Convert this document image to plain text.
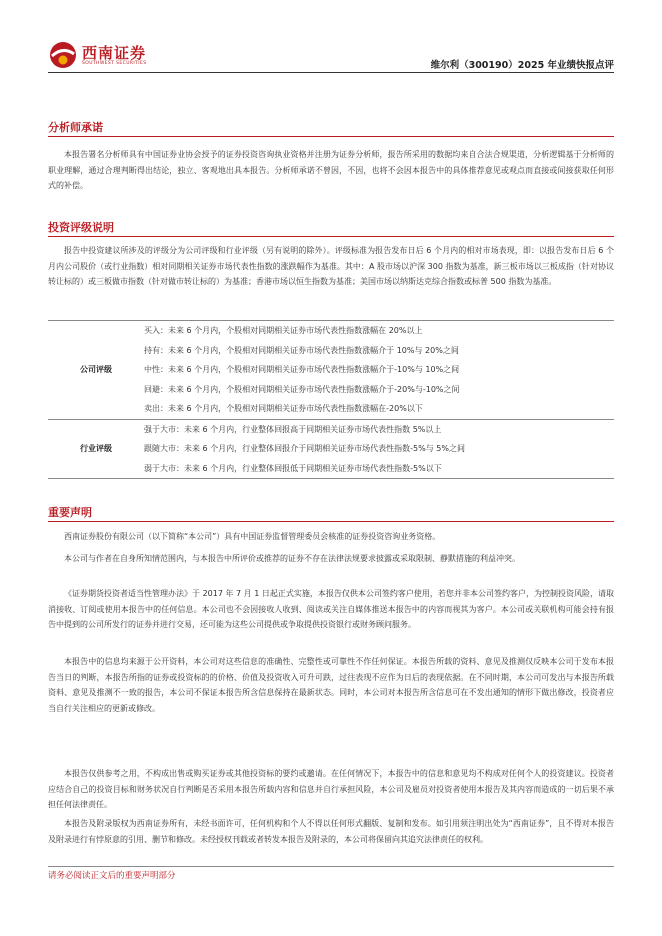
西南证券
SOUTHWEST SECURITIES	维尔利（300190）2025 年业绩快报点评
分析师承诺
本报告署名分析师具有中国证券业协会授予的证券投资咨询执业资格并注册为证券分析师，报告所采用的数据均来自合法合规渠道，分析逻辑基于分析师的职业理解，通过合理判断得出结论，独立、客观地出具本报告。分析师承诺不曾因，不因，也将不会因本报告中的具体推荐意见或观点而直接或间接获取任何形式的补偿。
投资评级说明
报告中投资建议所涉及的评级分为公司评级和行业评级（另有说明的除外）。评级标准为报告发布日后 6 个月内的相对市场表现，即：以报告发布日后 6 个月内公司股价（或行业指数）相对同期相关证券市场代表性指数的涨跌幅作为基准。其中：A 股市场以沪深 300 指数为基准，新三板市场以三板成指（针对协议转让标的）或三板做市指数（针对做市转让标的）为基准；香港市场以恒生指数为基准；美国市场以纳斯达克综合指数或标普 500 指数为基准。
公司评级
买入：未来 6 个月内，个股相对同期相关证券市场代表性指数涨幅在 20%以上
持有：未来 6 个月内，个股相对同期相关证券市场代表性指数涨幅介于 10%与 20%之间
中性：未来 6 个月内，个股相对同期相关证券市场代表性指数涨幅介于-10%与 10%之间
回避：未来 6 个月内，个股相对同期相关证券市场代表性指数涨幅介于-20%与-10%之间
卖出：未来 6 个月内，个股相对同期相关证券市场代表性指数涨幅在-20%以下
行业评级
强于大市：未来 6 个月内，行业整体回报高于同期相关证券市场代表性指数 5%以上
跟随大市：未来 6 个月内，行业整体回报介于同期相关证券市场代表性指数-5%与 5%之间
弱于大市：未来 6 个月内，行业整体回报低于同期相关证券市场代表性指数-5%以下
重要声明
西南证券股份有限公司（以下简称“本公司”）具有中国证券监督管理委员会核准的证券投资咨询业务资格。
本公司与作者在自身所知情范围内，与本报告中所评价或推荐的证券不存在法律法规要求披露或采取限制、静默措施的利益冲突。
《证券期货投资者适当性管理办法》于 2017 年 7 月 1 日起正式实施，本报告仅供本公司签约客户使用，若您并非本公司签约客户，为控制投资风险，请取消接收、订阅或使用本报告中的任何信息。本公司也不会因接收人收到、阅读或关注自媒体推送本报告中的内容而视其为客户。本公司或关联机构可能会持有报告中提到的公司所发行的证券并进行交易，还可能为这些公司提供或争取提供投资银行或财务顾问服务。
本报告中的信息均来源于公开资料，本公司对这些信息的准确性、完整性或可靠性不作任何保证。本报告所载的资料、意见及推测仅反映本公司于发布本报告当日的判断，本报告所指的证券或投资标的的价格、价值及投资收入可升可跌，过往表现不应作为日后的表现依据。在不同时期，本公司可发出与本报告所载资料、意见及推测不一致的报告，本公司不保证本报告所含信息保持在最新状态。同时，本公司对本报告所含信息可在不发出通知的情形下做出修改，投资者应当自行关注相应的更新或修改。
本报告仅供参考之用，不构成出售或购买证券或其他投资标的要约或邀请。在任何情况下，本报告中的信息和意见均不构成对任何个人的投资建议。投资者应结合自己的投资目标和财务状况自行判断是否采用本报告所载内容和信息并自行承担风险，本公司及雇员对投资者使用本报告及其内容而造成的一切后果不承担任何法律责任。
本报告及附录版权为西南证券所有，未经书面许可，任何机构和个人不得以任何形式翻版、复制和发布。如引用须注明出处为“西南证券”，且不得对本报告及附录进行有悖原意的引用、删节和修改。未经授权刊载或者转发本报告及附录的，本公司将保留向其追究法律责任的权利。
请务必阅读正文后的重要声明部分
